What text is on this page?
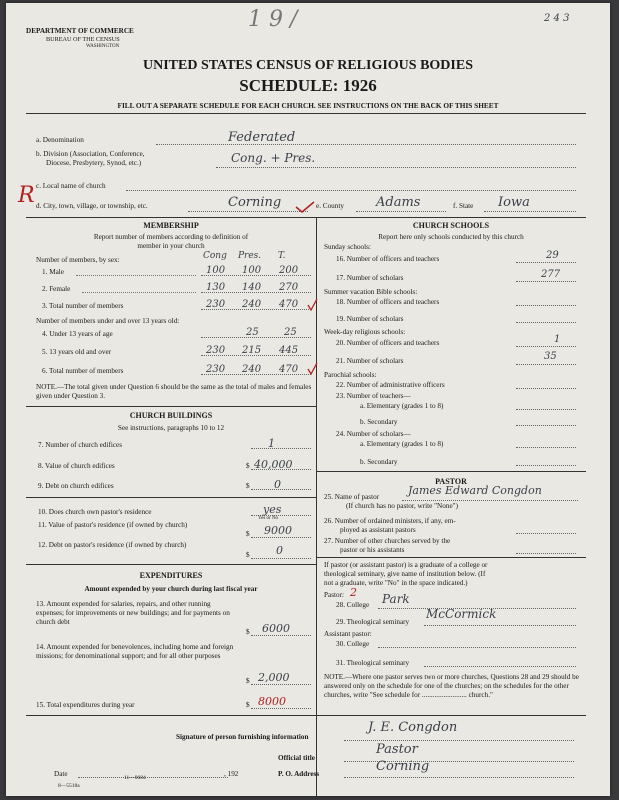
DEPARTMENT OF COMMERCE
BUREAU OF THE CENSUS
WASHINGTON
1 9 /	2 4 3
UNITED STATES CENSUS OF RELIGIOUS BODIES
SCHEDULE: 1926
FILL OUT A SEPARATE SCHEDULE FOR EACH CHURCH. SEE INSTRUCTIONS ON THE BACK OF THIS SHEET
a. Denomination	Federated
b. Division (Association, Conference,
Diocese, Presbytery, Synod, etc.)	Cong. + Pres.
c. Local name of church
R d. City, town, village, or township, etc.	Corning	e. County Adams	f. State Iowa
MEMBERSHIP
Report number of members according to definition of
member in your church
Number of members, by sex:	Cong Pres. T.
1. Male	100 100 200
2. Female	130 140 270
3. Total number of members	230 240 470
Number of members under and over 13 years old:
4. Under 13 years of age	25	25
5. 13 years old and over	230 215 445
6. Total number of members	230 240 470
NOTE.—The total given under Question 6 should be the same as the total of males and females given under Question 3.
CHURCH BUILDINGS
See instructions, paragraphs 10 to 12
7. Number of church edifices	1
8. Value of church edifices	$ 40,000
9. Debt on church edifices	$ 0
10. Does church own pastor's residence	yes
Yes or No
11. Value of pastor's residence (if owned by church)
$ 9000
12. Debt on pastor's residence (if owned by church)
$ 0
EXPENDITURES
Amount expended by your church during last fiscal year
13. Amount expended for salaries, repairs, and other running expenses; for improvements or new buildings; and for payments on church debt
$ 6000
14. Amount expended for benevolences, including home and foreign missions; for denominational support; and for all other purposes
$ 2,000
15. Total expenditures during year	$ 8000
CHURCH SCHOOLS
Report here only schools conducted by this church
Sunday schools:
16. Number of officers and teachers	29
17. Number of scholars	277
Summer vacation Bible schools:
18. Number of officers and teachers
19. Number of scholars
Week-day religious schools:
20. Number of officers and teachers	1
21. Number of scholars	35
Parochial schools:
22. Number of administrative officers
23. Number of teachers—
a. Elementary (grades 1 to 8)
b. Secondary
24. Number of scholars—
a. Elementary (grades 1 to 8)
b. Secondary
PASTOR
25. Name of pastor	James Edward Congdon
(If church has no pastor, write "None")
26. Number of ordained ministers, if any, em-
ployed as assistant pastors
27. Number of other churches served by the
pastor or his assistants
If pastor (or assistant pastor) is a graduate of a college or
theological seminary, give name of institution below. (If
not a graduate, write "No" in the space indicated.)
Pastor: 2
28. College Park
29. Theological seminary
McCormick
Assistant pastor:
30. College
31. Theological seminary
NOTE.—Where one pastor serves two or more churches, Questions 28 and 29 should be answered only on the schedule for one of the churches; on the schedules for the other churches, write "See schedule for ......................... church."
Signature of person furnishing information
J. E. Congdon
Official title
Pastor
Date	, 192	P. O. Address	Corning
8—5518a
11—9684
